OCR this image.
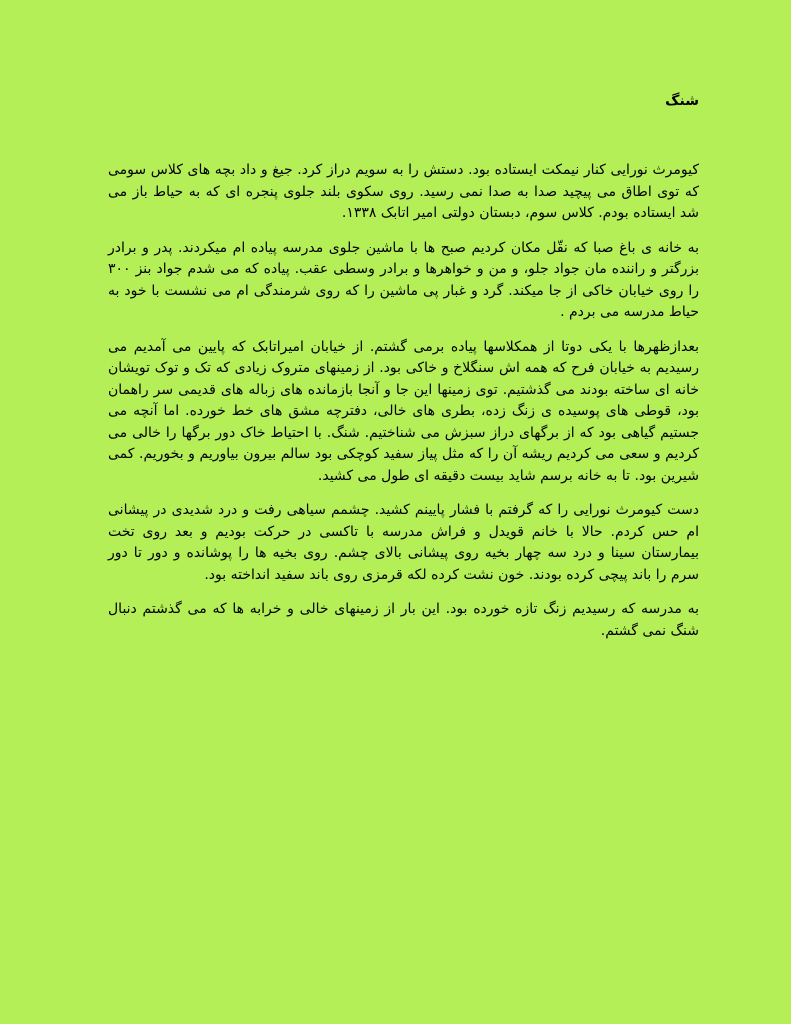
شنگ

کیومرث نورایی کنار نیمکت ایستاده بود. دستش را به سویم دراز کرد. جیغ و داد بچه های کلاس سومی که توی اطاق می پیچید صدا به صدا نمی رسید. روی سکوی بلند جلوی پنجره ای که به حیاط باز می شد ایستاده بودم. کلاس سوم، دبستان دولتی امیر اتابک ۱۳۳۸.

به خانه ی باغ صبا که نقّل مکان کردیم صبح ها با ماشین جلوی مدرسه پیاده ام میکردند. پدر و برادر بزرگتر و راننده مان جواد جلو، و من و خواهرها و برادر وسطی عقب. پیاده که می شدم جواد بنز ۳۰۰ را روی خیابان خاکی از جا میکند. گرد و غبار پی ماشین را که روی شرمندگی ام می نشست با خود به حیاط مدرسه می بردم .

بعدازظهرها با یکی دوتا از همکلاسها پیاده برمی گشتم. از خیابان امیراتابک که پایین می آمدیم می رسیدیم به خیابان فرح که همه اش سنگلاخ و خاکی بود. از زمینهای متروک زیادی که تک و توک تویشان خانه ای ساخته بودند می گذشتیم. توی زمینها این جا و آنجا بازمانده های زباله های قدیمی سر راهمان بود، قوطی های پوسیده ی زنگ زده، بطری های خالی، دفترچه مشق های خط خورده. اما آنچه می جستیم گیاهی بود که از برگهای دراز سبزش می شناختیم. شنگ. با احتیاط خاک دور برگها را خالی می کردیم و سعی می کردیم ریشه آن را که مثل پیاز سفید کوچکی بود سالم بیرون بیاوریم و بخوریم. کمی شیرین بود. تا به خانه برسم شاید بیست دقیقه ای طول می کشید.

دست کیومرث نورایی را که گرفتم با فشار پایینم کشید. چشمم سیاهی رفت و درد شدیدی در پیشانی ام حس کردم. حالا با خانم قویدل و فراش مدرسه با تاکسی در حرکت بودیم و بعد روی تخت بیمارستان سینا و درد سه چهار بخیه روی پیشانی بالای چشم. روی بخیه ها را پوشانده و دور تا دور سرم را باند پیچی کرده بودند. خون نشت کرده لکه قرمزی روی باند سفید انداخته بود.

به مدرسه که رسیدیم زنگ تازه خورده بود. این بار از زمینهای خالی و خرابه ها که می گذشتم دنبال شنگ نمی گشتم.
